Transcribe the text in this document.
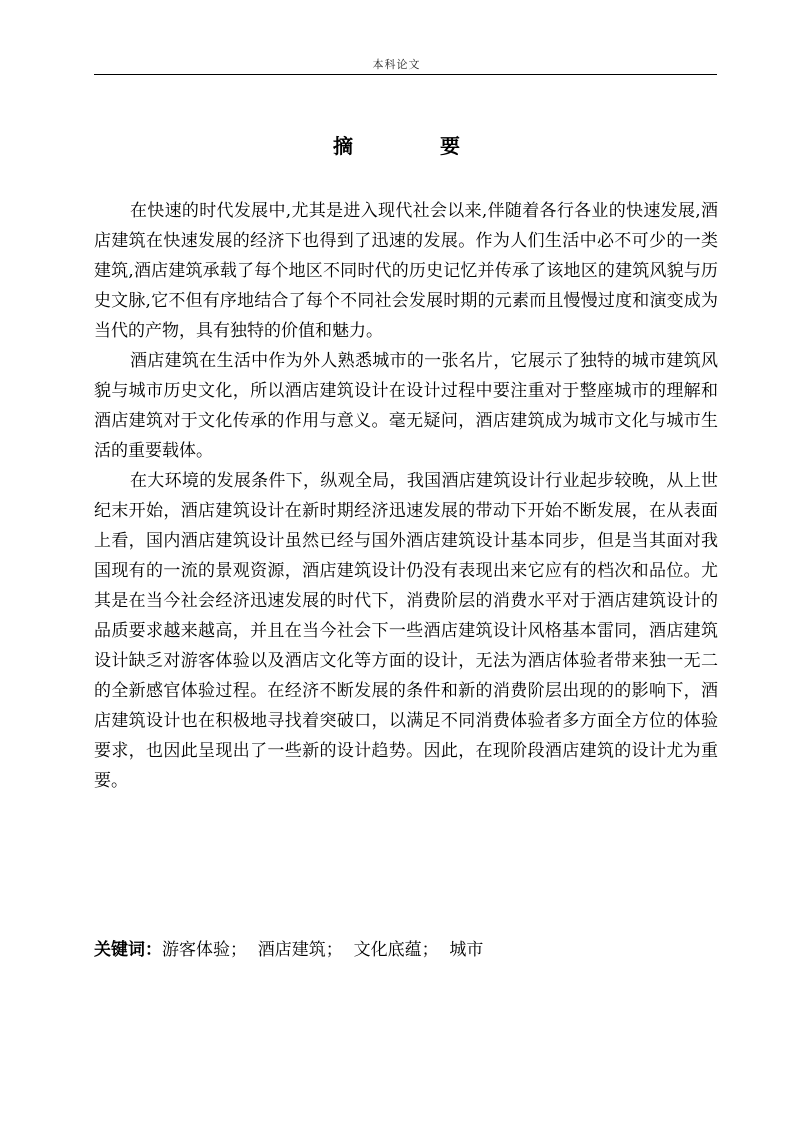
本科论文
摘 要

在快速的时代发展中,尤其是进入现代社会以来,伴随着各行各业的快速发展,酒店建筑在快速发展的经济下也得到了迅速的发展。作为人们生活中必不可少的一类建筑,酒店建筑承载了每个地区不同时代的历史记忆并传承了该地区的建筑风貌与历史文脉,它不但有序地结合了每个不同社会发展时期的元素而且慢慢过度和演变成为当代的产物，具有独特的价值和魅力。

酒店建筑在生活中作为外人熟悉城市的一张名片，它展示了独特的城市建筑风貌与城市历史文化，所以酒店建筑设计在设计过程中要注重对于整座城市的理解和酒店建筑对于文化传承的作用与意义。毫无疑问，酒店建筑成为城市文化与城市生活的重要载体。

在大环境的发展条件下，纵观全局，我国酒店建筑设计行业起步较晚，从上世纪末开始，酒店建筑设计在新时期经济迅速发展的带动下开始不断发展，在从表面上看，国内酒店建筑设计虽然已经与国外酒店建筑设计基本同步，但是当其面对我国现有的一流的景观资源，酒店建筑设计仍没有表现出来它应有的档次和品位。尤其是在当今社会经济迅速发展的时代下，消费阶层的消费水平对于酒店建筑设计的品质要求越来越高，并且在当今社会下一些酒店建筑设计风格基本雷同，酒店建筑设计缺乏对游客体验以及酒店文化等方面的设计，无法为酒店体验者带来独一无二的全新感官体验过程。在经济不断发展的条件和新的消费阶层出现的的影响下，酒店建筑设计也在积极地寻找着突破口，以满足不同消费体验者多方面全方位的体验要求，也因此呈现出了一些新的设计趋势。因此，在现阶段酒店建筑的设计尤为重要。

关键词：游客体验；  酒店建筑；  文化底蕴；  城市
